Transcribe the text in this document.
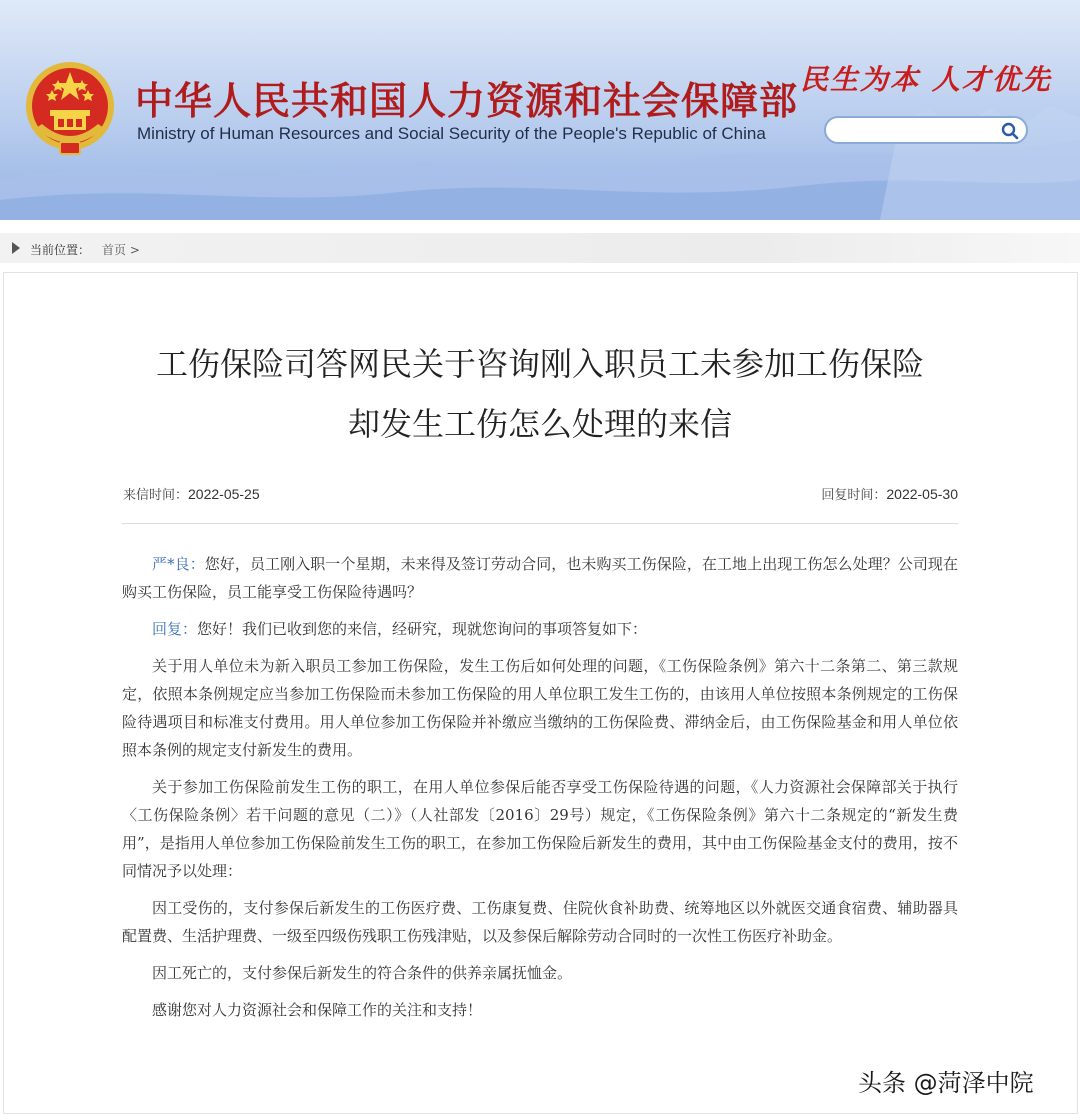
中华人民共和国人力资源和社会保障部
Ministry of Human Resources and Social Security of the People's Republic of China
民生为本 人才优先
当前位置： 首页 >
工伤保险司答网民关于咨询刚入职员工未参加工伤保险
却发生工伤怎么处理的来信
来信时间：2022-05-25	回复时间：2022-05-30

严*良：您好，员工刚入职一个星期，未来得及签订劳动合同，也未购买工伤保险，在工地上出现工伤怎么处理？公司现在购买工伤保险，员工能享受工伤保险待遇吗？

回复：您好！我们已收到您的来信，经研究，现就您询问的事项答复如下：

关于用人单位未为新入职员工参加工伤保险，发生工伤后如何处理的问题，《工伤保险条例》第六十二条第二、第三款规定，依照本条例规定应当参加工伤保险而未参加工伤保险的用人单位职工发生工伤的，由该用人单位按照本条例规定的工伤保险待遇项目和标准支付费用。用人单位参加工伤保险并补缴应当缴纳的工伤保险费、滞纳金后，由工伤保险基金和用人单位依照本条例的规定支付新发生的费用。

关于参加工伤保险前发生工伤的职工，在用人单位参保后能否享受工伤保险待遇的问题，《人力资源社会保障部关于执行〈工伤保险条例〉若干问题的意见（二）》（人社部发〔2016〕29号）规定，《工伤保险条例》第六十二条规定的“新发生费用”，是指用人单位参加工伤保险前发生工伤的职工，在参加工伤保险后新发生的费用，其中由工伤保险基金支付的费用，按不同情况予以处理：

因工受伤的，支付参保后新发生的工伤医疗费、工伤康复费、住院伙食补助费、统筹地区以外就医交通食宿费、辅助器具配置费、生活护理费、一级至四级伤残职工伤残津贴，以及参保后解除劳动合同时的一次性工伤医疗补助金。

因工死亡的，支付参保后新发生的符合条件的供养亲属抚恤金。

感谢您对人力资源社会和保障工作的关注和支持！

头条 @菏泽中院
